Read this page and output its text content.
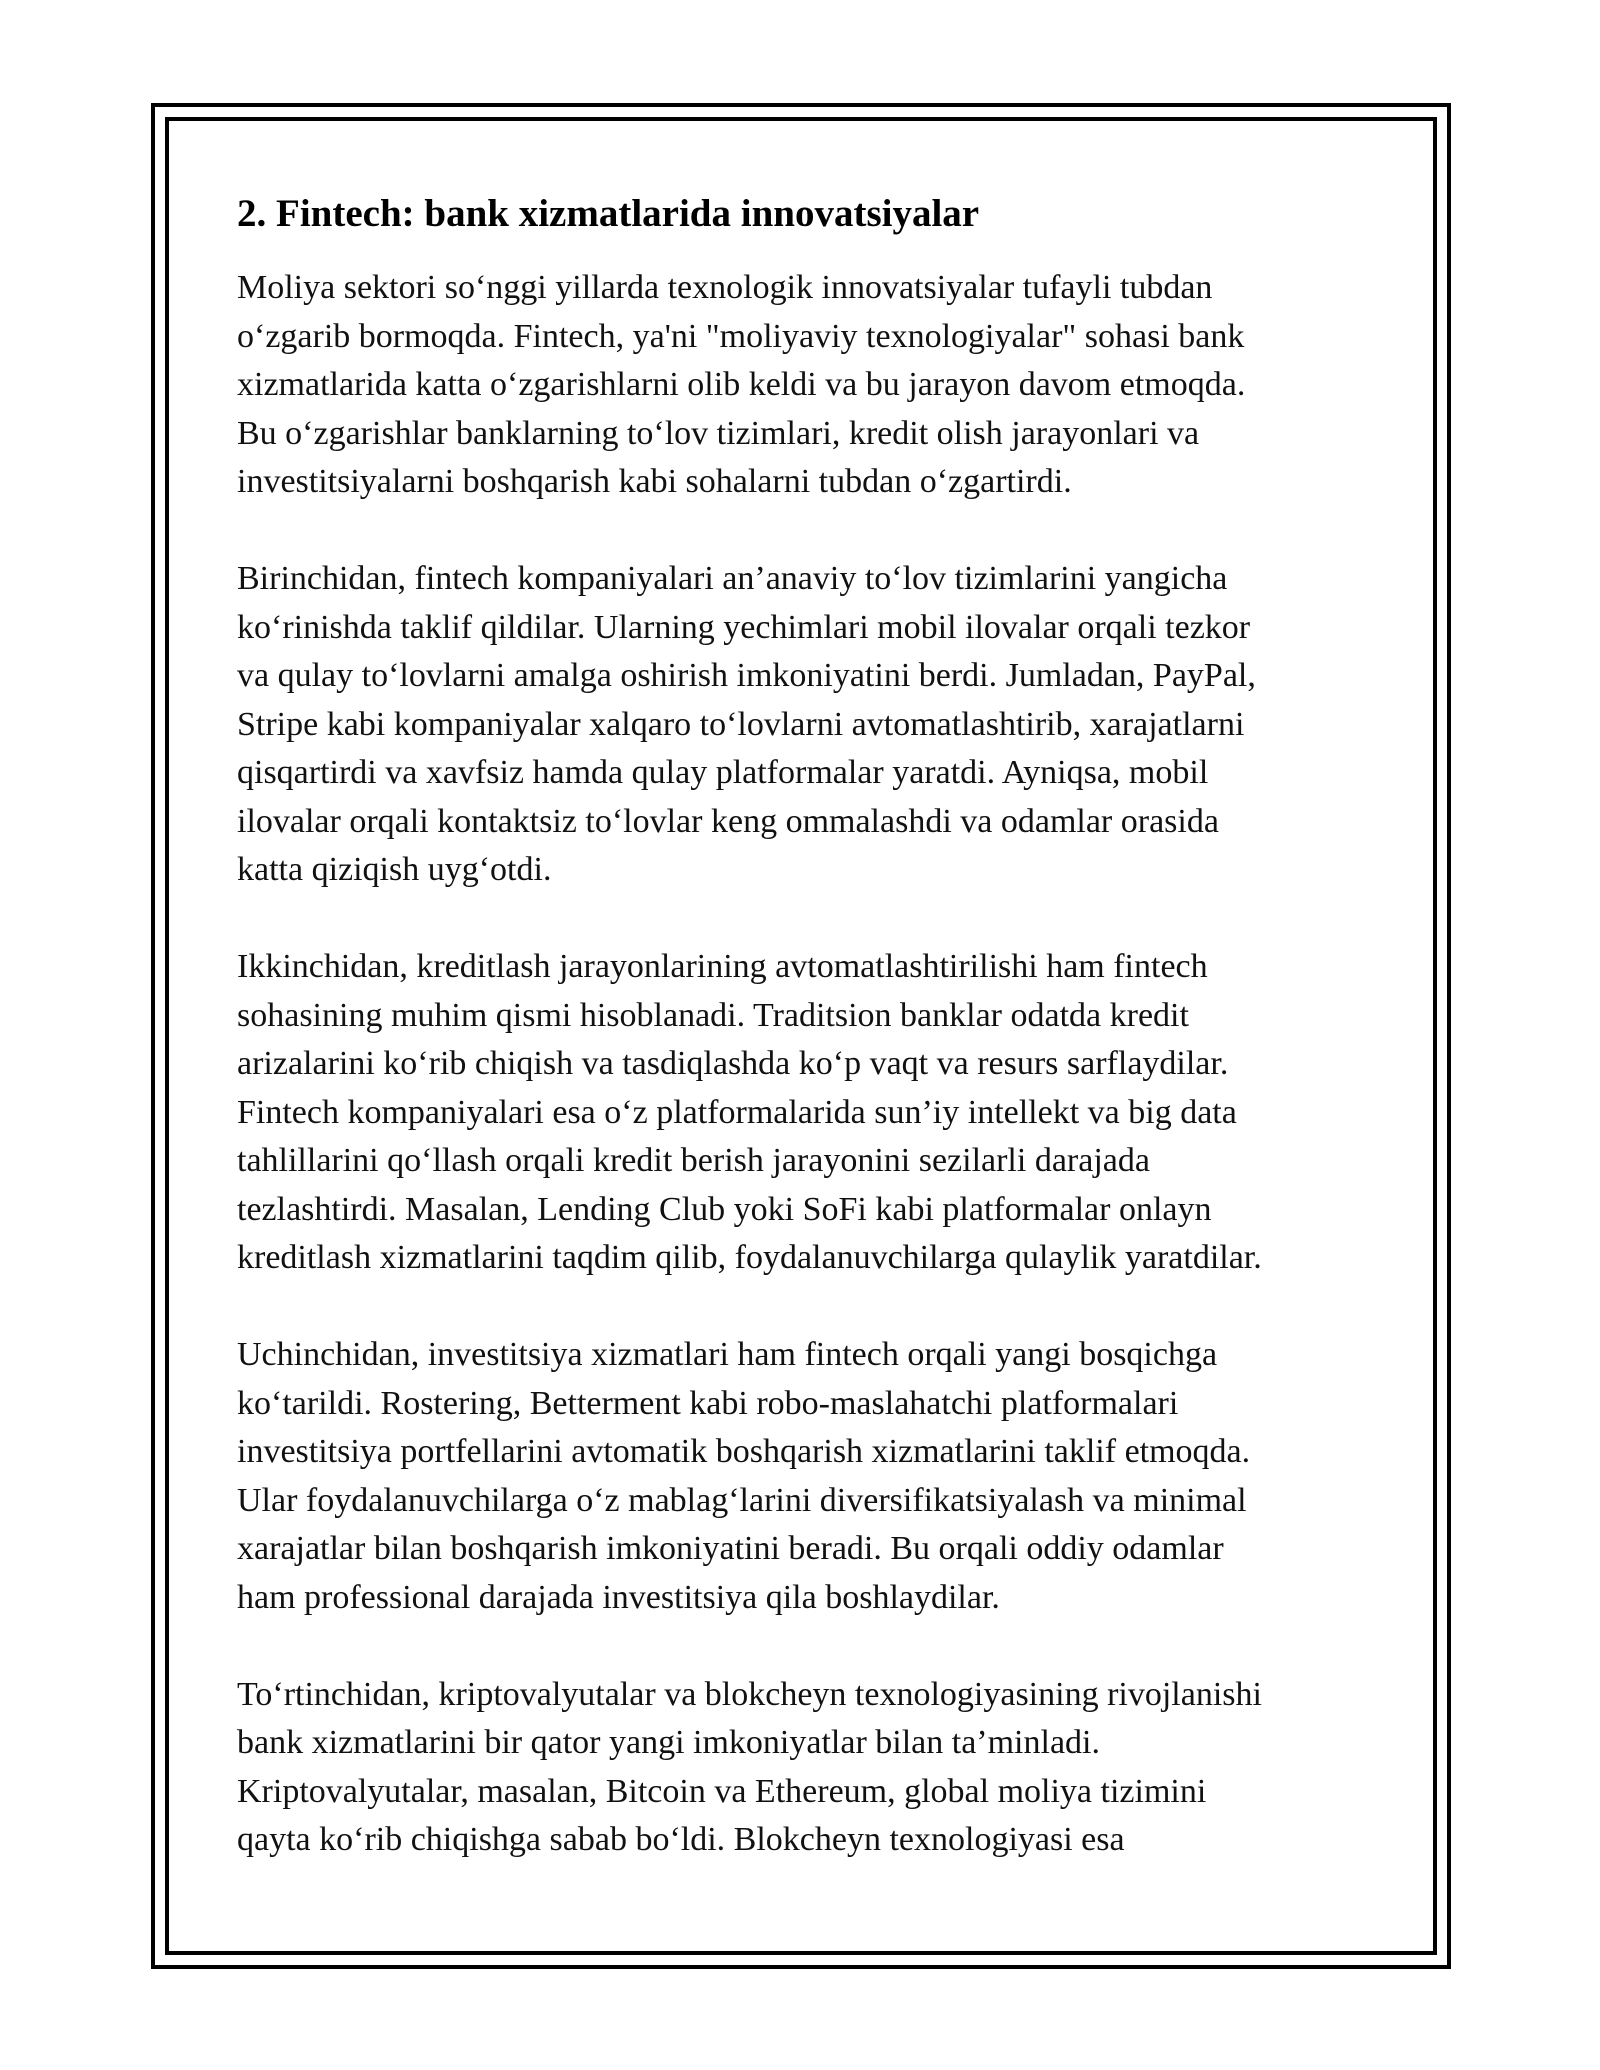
2. Fintech: bank xizmatlarida innovatsiyalar

Moliya sektori so‘nggi yillarda texnologik innovatsiyalar tufayli tubdan
o‘zgarib bormoqda. Fintech, ya'ni "moliyaviy texnologiyalar" sohasi bank
xizmatlarida katta o‘zgarishlarni olib keldi va bu jarayon davom etmoqda.
Bu o‘zgarishlar banklarning to‘lov tizimlari, kredit olish jarayonlari va
investitsiyalarni boshqarish kabi sohalarni tubdan o‘zgartirdi.

Birinchidan, fintech kompaniyalari an’anaviy to‘lov tizimlarini yangicha
ko‘rinishda taklif qildilar. Ularning yechimlari mobil ilovalar orqali tezkor
va qulay to‘lovlarni amalga oshirish imkoniyatini berdi. Jumladan, PayPal,
Stripe kabi kompaniyalar xalqaro to‘lovlarni avtomatlashtirib, xarajatlarni
qisqartirdi va xavfsiz hamda qulay platformalar yaratdi. Ayniqsa, mobil
ilovalar orqali kontaktsiz to‘lovlar keng ommalashdi va odamlar orasida
katta qiziqish uyg‘otdi.

Ikkinchidan, kreditlash jarayonlarining avtomatlashtirilishi ham fintech
sohasining muhim qismi hisoblanadi. Traditsion banklar odatda kredit
arizalarini ko‘rib chiqish va tasdiqlashda ko‘p vaqt va resurs sarflaydilar.
Fintech kompaniyalari esa o‘z platformalarida sun’iy intellekt va big data
tahlillarini qo‘llash orqali kredit berish jarayonini sezilarli darajada
tezlashtirdi. Masalan, Lending Club yoki SoFi kabi platformalar onlayn
kreditlash xizmatlarini taqdim qilib, foydalanuvchilarga qulaylik yaratdilar.

Uchinchidan, investitsiya xizmatlari ham fintech orqali yangi bosqichga
ko‘tarildi. Rostering, Betterment kabi robo-maslahatchi platformalari
investitsiya portfellarini avtomatik boshqarish xizmatlarini taklif etmoqda.
Ular foydalanuvchilarga o‘z mablag‘larini diversifikatsiyalash va minimal
xarajatlar bilan boshqarish imkoniyatini beradi. Bu orqali oddiy odamlar
ham professional darajada investitsiya qila boshlaydilar.

To‘rtinchidan, kriptovalyutalar va blokcheyn texnologiyasining rivojlanishi
bank xizmatlarini bir qator yangi imkoniyatlar bilan ta’minladi.
Kriptovalyutalar, masalan, Bitcoin va Ethereum, global moliya tizimini
qayta ko‘rib chiqishga sabab bo‘ldi. Blokcheyn texnologiyasi esa
